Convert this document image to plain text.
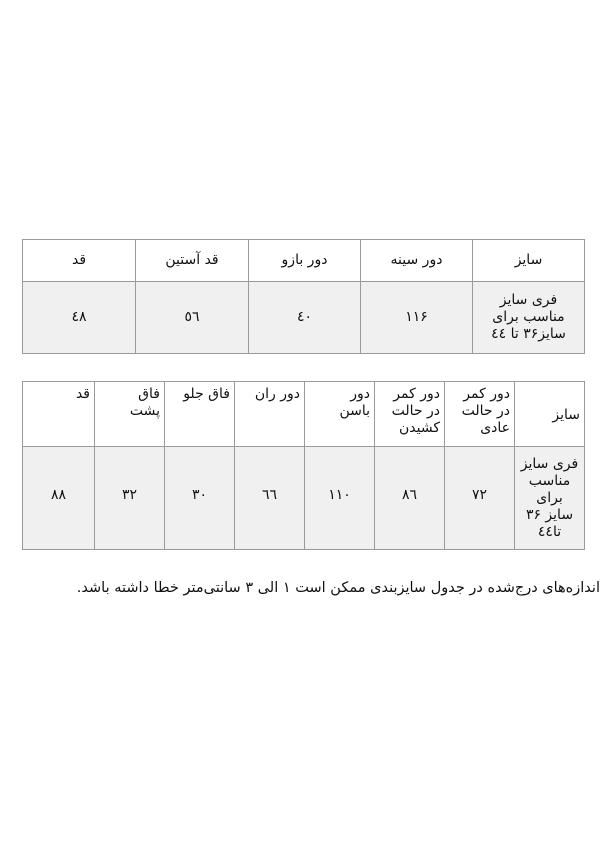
سایز	دور سینه	دور بازو	قد آستین	قد
فری سایز
مناسب برای
سایز۳۶ تا ٤٤	۱۱۶	٤۰	٥٦	٤٨
سایز	دور کمر
در حالت
عادی	دور کمر
در حالت
کشیدن	دور
باسن	دور ران	فاق جلو	فاق
پشت	قد
فری سایز
مناسب
برای
سایز ۳۶
تا٤٤	۷۲	٨٦	۱۱۰	٦٦	۳۰	۳۲	٨٨
اندازه‌های درج‌شده در جدول سایزبندی ممکن است ۱ الی ۳ سانتی‌متر خطا داشته باشد.
